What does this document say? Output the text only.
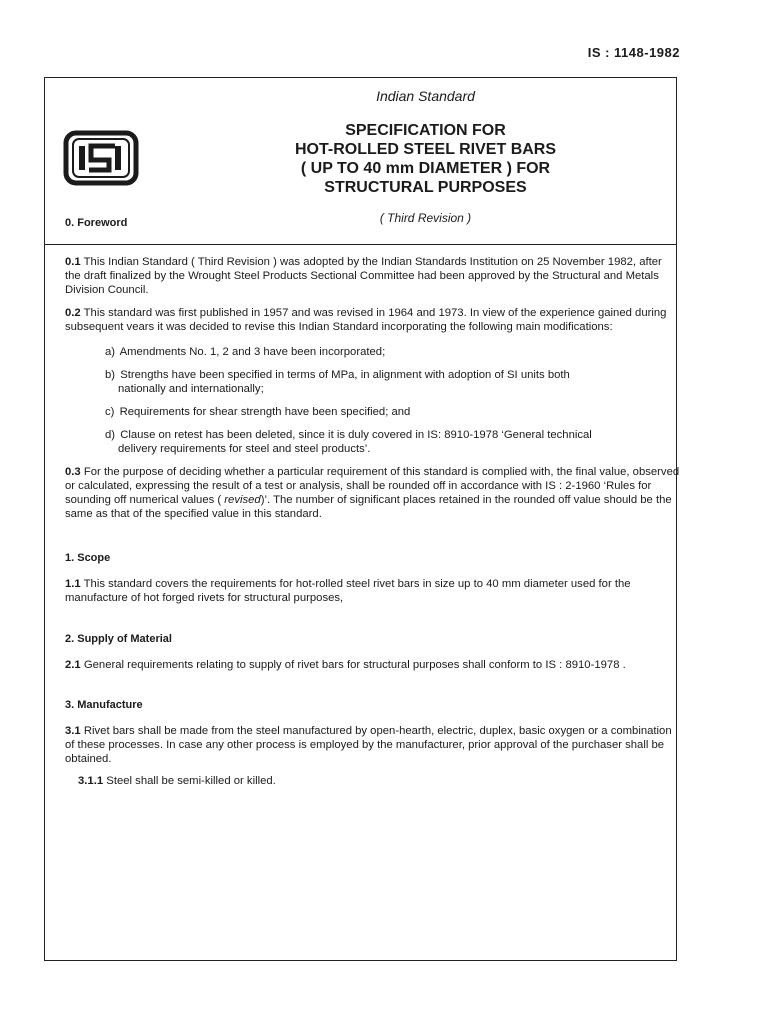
IS : 1148-1982
Indian Standard
SPECIFICATION FOR
HOT-ROLLED STEEL RIVET BARS
( UP TO 40 mm DIAMETER ) FOR
STRUCTURAL PURPOSES
( Third Revision )

0. Foreword

0.1 This Indian Standard ( Third Revision ) was adopted by the Indian Standards Institution on 25 November 1982, after the draft finalized by the Wrought Steel Products Sectional Committee had been approved by the Structural and Metals Division Council.

0.2 This standard was first published in 1957 and was revised in 1964 and 1973. In view of the experience gained during subsequent vears it was decided to revise this Indian Standard incorporating the following main modifications:

a) Amendments No. 1, 2 and 3 have been incorporated;
b) Strengths have been specified in terms of MPa, in alignment with adoption of SI units both
nationally and internationally;
c) Requirements for shear strength have been specified; and
d) Clause on retest has been deleted, since it is duly covered in IS: 8910-1978 ‘General technical
delivery requirements for steel and steel products’.

0.3 For the purpose of deciding whether a particular requirement of this standard is complied with, the final value, observed or calculated, expressing the result of a test or analysis, shall be rounded off in accordance with IS : 2-1960 ‘Rules for sounding off numerical values ( revised)’. The number of significant places retained in the rounded off value should be the same as that of the specified value in this standard.

1. Scope

1.1 This standard covers the requirements for hot-rolled steel rivet bars in size up to 40 mm diameter used for the manufacture of hot forged rivets for structural purposes,

2. Supply of Material

2.1 General requirements relating to supply of rivet bars for structural purposes shall conform to IS : 8910-1978 .

3. Manufacture

3.1 Rivet bars shall be made from the steel manufactured by open-hearth, electric, duplex, basic oxygen or a combination of these processes. In case any other process is employed by the manufacturer, prior approval of the purchaser shall be obtained.

3.1.1 Steel shall be semi-killed or killed.
